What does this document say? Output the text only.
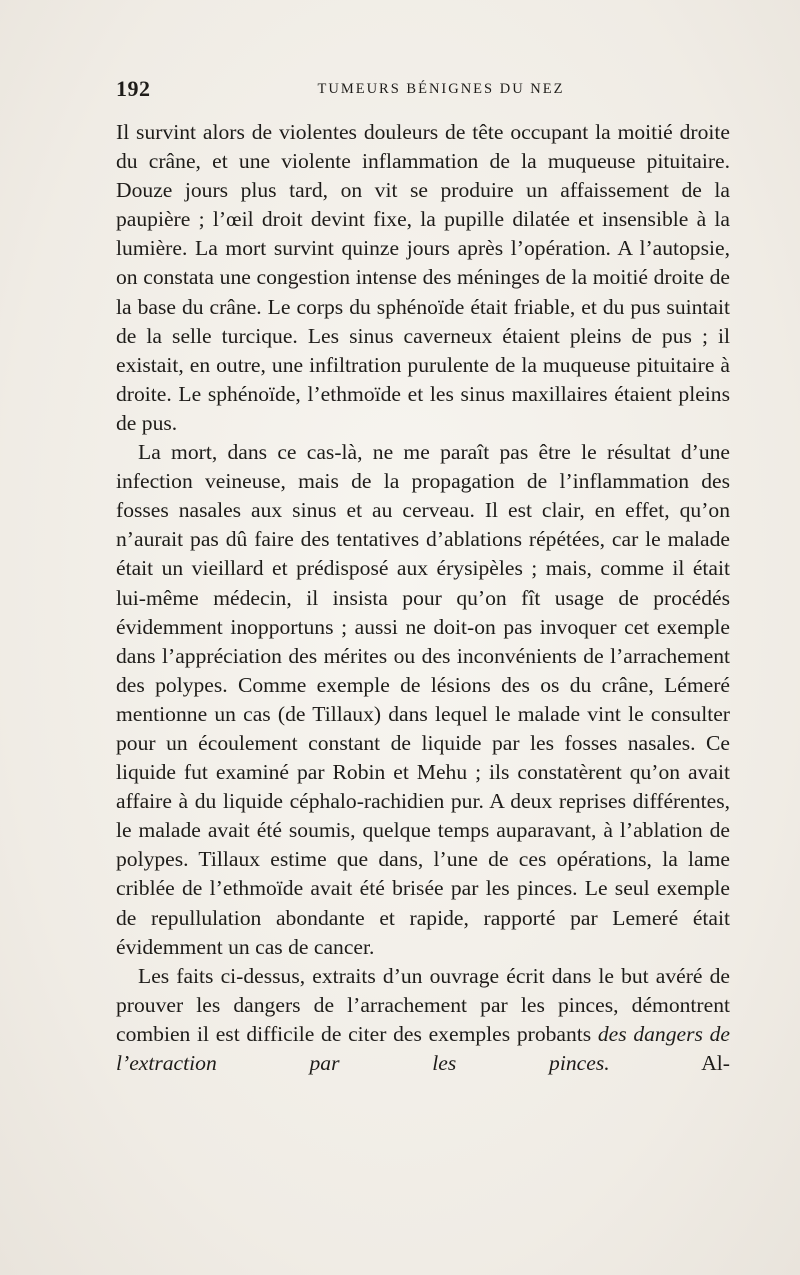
192	TUMEURS BÉNIGNES DU NEZ

Il survint alors de violentes douleurs de tête occupant la moitié droite du crâne, et une violente inflammation de la muqueuse pituitaire. Douze jours plus tard, on vit se produire un affaissement de la paupière ; l’œil droit devint fixe, la pupille dilatée et insensible à la lumière. La mort survint quinze jours après l’opération. A l’autopsie, on constata une congestion intense des méninges de la moitié droite de la base du crâne. Le corps du sphénoïde était friable, et du pus suintait de la selle turcique. Les sinus caverneux étaient pleins de pus ; il existait, en outre, une infiltration purulente de la muqueuse pituitaire à droite. Le sphénoïde, l’ethmoïde et les sinus maxillaires étaient pleins de pus.

La mort, dans ce cas-là, ne me paraît pas être le résultat d’une infection veineuse, mais de la propagation de l’inflammation des fosses nasales aux sinus et au cerveau. Il est clair, en effet, qu’on n’aurait pas dû faire des tentatives d’ablations répétées, car le malade était un vieillard et prédisposé aux érysipèles ; mais, comme il était lui-même médecin, il insista pour qu’on fît usage de procédés évidemment inopportuns ; aussi ne doit-on pas invoquer cet exemple dans l’appréciation des mérites ou des inconvénients de l’arrachement des polypes. Comme exemple de lésions des os du crâne, Lémeré mentionne un cas (de Tillaux) dans lequel le malade vint le consulter pour un écoulement constant de liquide par les fosses nasales. Ce liquide fut examiné par Robin et Mehu ; ils constatèrent qu’on avait affaire à du liquide céphalo-rachidien pur. A deux reprises différentes, le malade avait été soumis, quelque temps auparavant, à l’ablation de polypes. Tillaux estime que dans, l’une de ces opérations, la lame criblée de l’ethmoïde avait été brisée par les pinces. Le seul exemple de repullulation abondante et rapide, rapporté par Lemeré était évidemment un cas de cancer.

Les faits ci-dessus, extraits d’un ouvrage écrit dans le but avéré de prouver les dangers de l’arrachement par les pinces, démontrent combien il est difficile de citer des exemples probants des dangers de l’extraction par les pinces. Al-
